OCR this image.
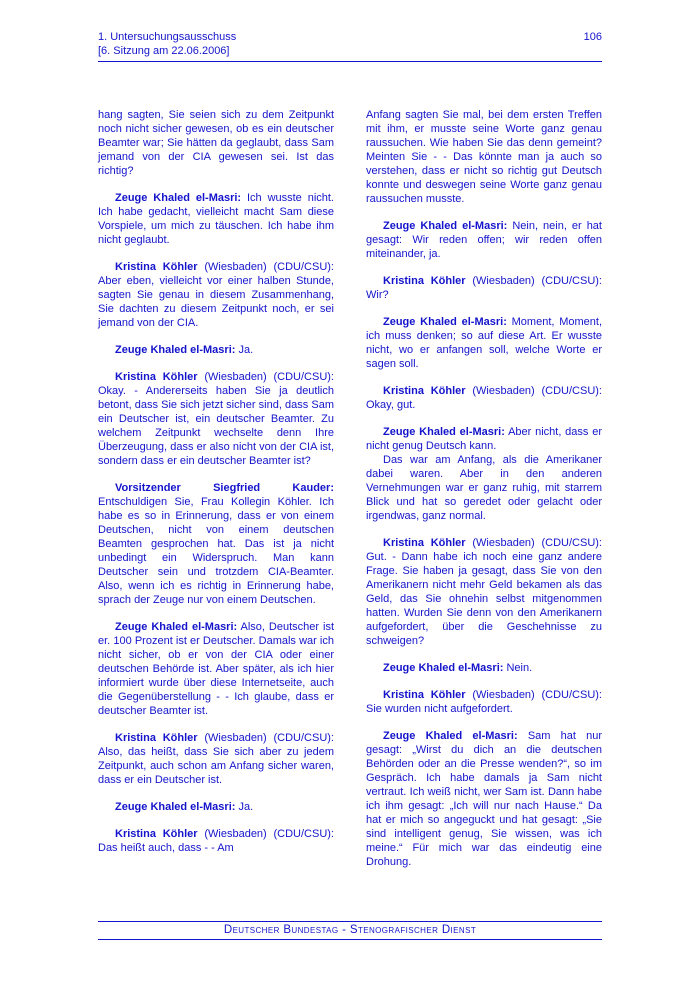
1. Untersuchungsausschuss	106
[6. Sitzung am 22.06.2006]

hang sagten, Sie seien sich zu dem Zeitpunkt noch nicht sicher gewesen, ob es ein deutscher Beamter war; Sie hätten da geglaubt, dass Sam jemand von der CIA gewesen sei. Ist das richtig?

Zeuge Khaled el-Masri: Ich wusste nicht. Ich habe gedacht, vielleicht macht Sam diese Vorspiele, um mich zu täuschen. Ich habe ihm nicht geglaubt.

Kristina Köhler (Wiesbaden) (CDU/CSU): Aber eben, vielleicht vor einer halben Stunde, sagten Sie genau in diesem Zusammenhang, Sie dachten zu diesem Zeitpunkt noch, er sei jemand von der CIA.

Zeuge Khaled el-Masri: Ja.

Kristina Köhler (Wiesbaden) (CDU/CSU): Okay. - Andererseits haben Sie ja deutlich betont, dass Sie sich jetzt sicher sind, dass Sam ein Deutscher ist, ein deutscher Beamter. Zu welchem Zeitpunkt wechselte denn Ihre Überzeugung, dass er also nicht von der CIA ist, sondern dass er ein deutscher Beamter ist?

Vorsitzender Siegfried Kauder: Entschuldigen Sie, Frau Kollegin Köhler. Ich habe es so in Erinnerung, dass er von einem Deutschen, nicht von einem deutschen Beamten gesprochen hat. Das ist ja nicht unbedingt ein Widerspruch. Man kann Deutscher sein und trotzdem CIA-Beamter. Also, wenn ich es richtig in Erinnerung habe, sprach der Zeuge nur von einem Deutschen.

Zeuge Khaled el-Masri: Also, Deutscher ist er. 100 Prozent ist er Deutscher. Damals war ich nicht sicher, ob er von der CIA oder einer deutschen Behörde ist. Aber später, als ich hier informiert wurde über diese Internetseite, auch die Gegenüberstellung - - Ich glaube, dass er deutscher Beamter ist.

Kristina Köhler (Wiesbaden) (CDU/CSU): Also, das heißt, dass Sie sich aber zu jedem Zeitpunkt, auch schon am Anfang sicher waren, dass er ein Deutscher ist.

Zeuge Khaled el-Masri: Ja.

Kristina Köhler (Wiesbaden) (CDU/CSU): Das heißt auch, dass - - Am

Anfang sagten Sie mal, bei dem ersten Treffen mit ihm, er musste seine Worte ganz genau raussuchen. Wie haben Sie das denn gemeint? Meinten Sie - - Das könnte man ja auch so verstehen, dass er nicht so richtig gut Deutsch konnte und deswegen seine Worte ganz genau raussuchen musste.

Zeuge Khaled el-Masri: Nein, nein, er hat gesagt: Wir reden offen; wir reden offen miteinander, ja.

Kristina Köhler (Wiesbaden) (CDU/CSU): Wir?

Zeuge Khaled el-Masri: Moment, Moment, ich muss denken; so auf diese Art. Er wusste nicht, wo er anfangen soll, welche Worte er sagen soll.

Kristina Köhler (Wiesbaden) (CDU/CSU): Okay, gut.

Zeuge Khaled el-Masri: Aber nicht, dass er nicht genug Deutsch kann.

Das war am Anfang, als die Amerikaner dabei waren. Aber in den anderen Vernehmungen war er ganz ruhig, mit starrem Blick und hat so geredet oder gelacht oder irgendwas, ganz normal.

Kristina Köhler (Wiesbaden) (CDU/CSU): Gut. - Dann habe ich noch eine ganz andere Frage. Sie haben ja gesagt, dass Sie von den Amerikanern nicht mehr Geld bekamen als das Geld, das Sie ohnehin selbst mitgenommen hatten. Wurden Sie denn von den Amerikanern aufgefordert, über die Geschehnisse zu schweigen?

Zeuge Khaled el-Masri: Nein.

Kristina Köhler (Wiesbaden) (CDU/CSU): Sie wurden nicht aufgefordert.

Zeuge Khaled el-Masri: Sam hat nur gesagt: „Wirst du dich an die deutschen Behörden oder an die Presse wenden?“, so im Gespräch. Ich habe damals ja Sam nicht vertraut. Ich weiß nicht, wer Sam ist. Dann habe ich ihm gesagt: „Ich will nur nach Hause.“ Da hat er mich so angeguckt und hat gesagt: „Sie sind intelligent genug, Sie wissen, was ich meine.“ Für mich war das eindeutig eine Drohung.

Deutscher Bundestag - Stenografischer Dienst
